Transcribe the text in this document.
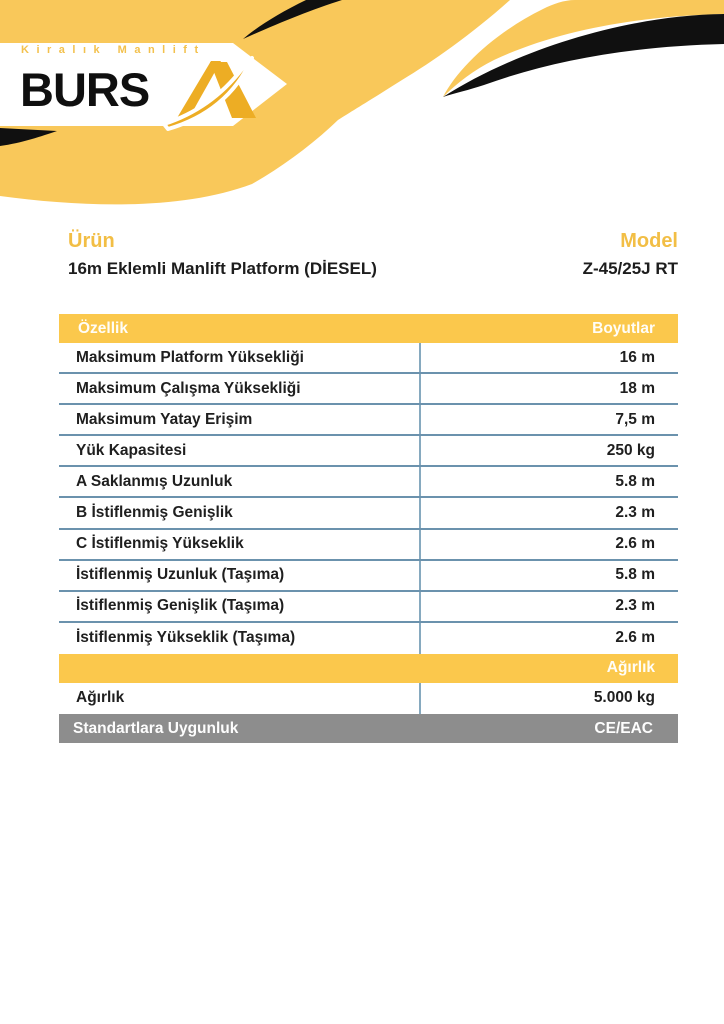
Kiralık Manlift
BURS
Ürün	Model
16m Eklemli Manlift Platform (DİESEL)	Z-45/25J RT
Özellik	Boyutlar
Maksimum Platform Yüksekliği	16 m
Maksimum Çalışma Yüksekliği	18 m
Maksimum Yatay Erişim	7,5 m
Yük Kapasitesi	250 kg
A Saklanmış Uzunluk	5.8 m
B İstiflenmiş Genişlik	2.3 m
C İstiflenmiş Yükseklik	2.6 m
İstiflenmiş Uzunluk (Taşıma)	5.8 m
İstiflenmiş Genişlik (Taşıma)	2.3 m
İstiflenmiş Yükseklik (Taşıma)	2.6 m
Ağırlık
Ağırlık	5.000 kg
Standartlara Uygunluk	CE/EAC
